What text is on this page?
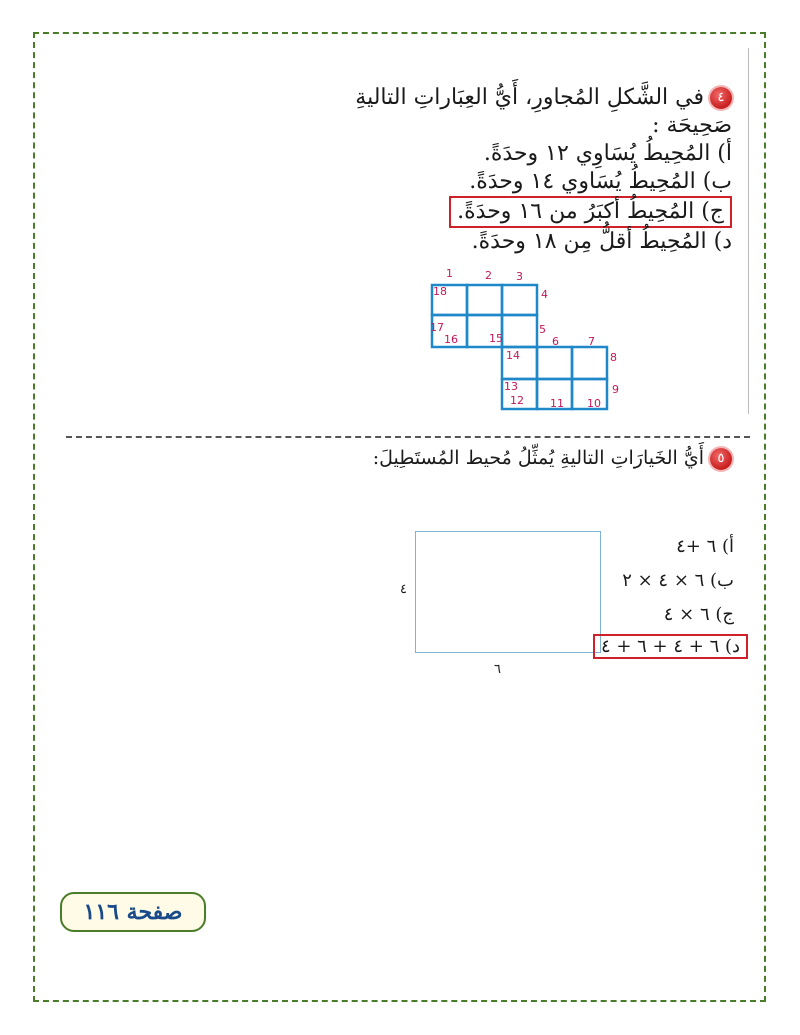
٤في الشَّكلِ المُجاورِ، أَيُّ العِبَاراتِ التاليةِ
صَحِيحَة :
أ) المُحِيطُ يُسَاوِي ١٢ وحدَةً.
ب) المُحِيطُ يُسَاوي ١٤ وحدَةً.
ج) المُحِيطُ أكبَرُ من ١٦ وحدَةً.
د) المُحِيطُ أقلُّ مِن ١٨ وحدَةً.
1	2 3
4
5
6	7
8
9
10
11
12
13
14
15
16
17
18
٥أَيُّ الخَيارَاتِ التاليةِ يُمثِّلُ مُحيط المُستَطِيلَ:
٤
٦
أ) ٦ +٤
ب) ٦ × ٤ × ٢
ج) ٦ × ٤
د) ٦ + ٤ + ٦ + ٤
صفحة ١١٦
